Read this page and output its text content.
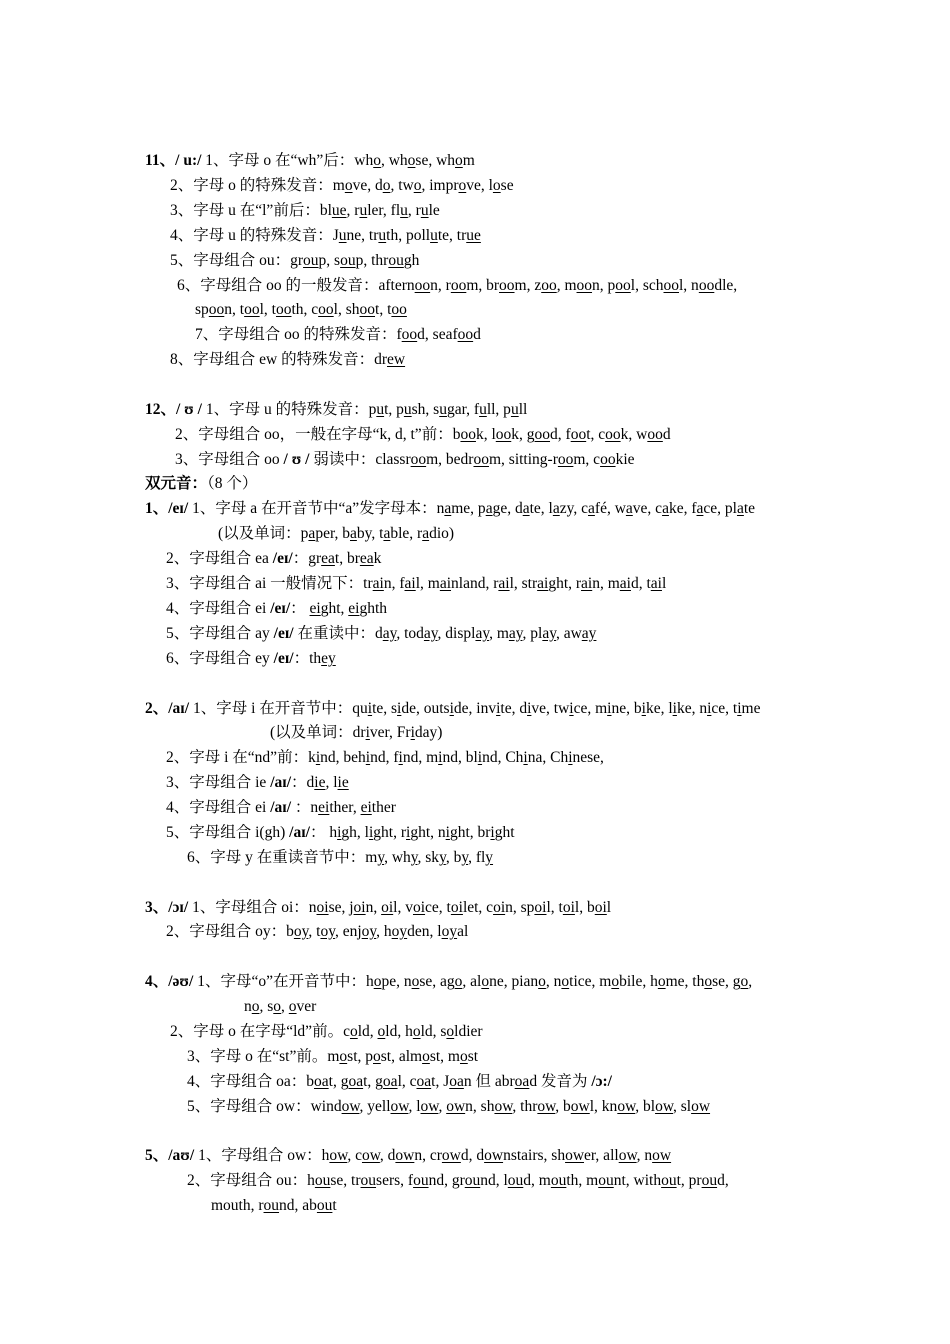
11、/ u:/ 1、字母 o 在“wh”后：who, whose, whom
2、字母 o 的特殊发音：move, do, two, improve, lose
3、字母 u 在“l”前后：blue, ruler, flu, rule
4、字母 u 的特殊发音：June, truth, pollute, true
5、字母组合 ou：group, soup, through
6、字母组合 oo 的一般发音：afternoon, room, broom, zoo, moon, pool, school, noodle,
spoon, tool, tooth, cool, shoot, too
7、字母组合 oo 的特殊发音：food, seafood
8、字母组合 ew 的特殊发音：drew
12、/ ʊ / 1、字母 u 的特殊发音：put, push, sugar, full, pull
2、字母组合 oo，一般在字母“k, d, t”前：book, look, good, foot, cook, wood
3、字母组合 oo / ʊ / 弱读中：classroom, bedroom, sitting-room, cookie
双元音：（8 个）
1、/eɪ/ 1、字母 a 在开音节中“a”发字母本：name, page, date, lazy, café, wave, cake, face, plate
(以及单词：paper, baby, table, radio)
2、字母组合 ea /eɪ/：great, break
3、字母组合 ai 一般情况下：train, fail, mainland, rail, straight, rain, maid, tail
4、字母组合 ei /eɪ/： eight, eighth
5、字母组合 ay /eɪ/ 在重读中：day, today, display, may, play, away
6、字母组合 ey /eɪ/：they
2、/aɪ/ 1、字母 i 在开音节中：quite, side, outside, invite, dive, twice, mine, bike, like, nice, time
(以及单词：driver, Friday)
2、字母 i 在“nd”前：kind, behind, find, mind, blind, China, Chinese,
3、字母组合 ie /aɪ/：die, lie
4、字母组合 ei /aɪ/ ：neither, either
5、字母组合 i(gh) /aɪ/： high, light, right, night, bright
6、字母 y 在重读音节中：my, why, sky, by, fly
3、/ɔɪ/ 1、字母组合 oi：noise, join, oil, voice, toilet, coin, spoil, toil, boil
2、字母组合 oy：boy, toy, enjoy, hoyden, loyal
4、/əʊ/ 1、字母“o”在开音节中：hope, nose, ago, alone, piano, notice, mobile, home, those, go,
no, so, over
2、字母 o 在字母“ld”前。cold, old, hold, soldier
3、字母 o 在“st”前。most, post, almost, most
4、字母组合 oa：boat, goat, goal, coat, Joan 但 abroad 发音为 /ɔ:/
5、字母组合 ow：window, yellow, low, own, show, throw, bowl, know, blow, slow
5、/aʊ/ 1、字母组合 ow：how, cow, down, crowd, downstairs, shower, allow, now
2、字母组合 ou：house, trousers, found, ground, loud, mouth, mount, without, proud,
mouth, round, about
